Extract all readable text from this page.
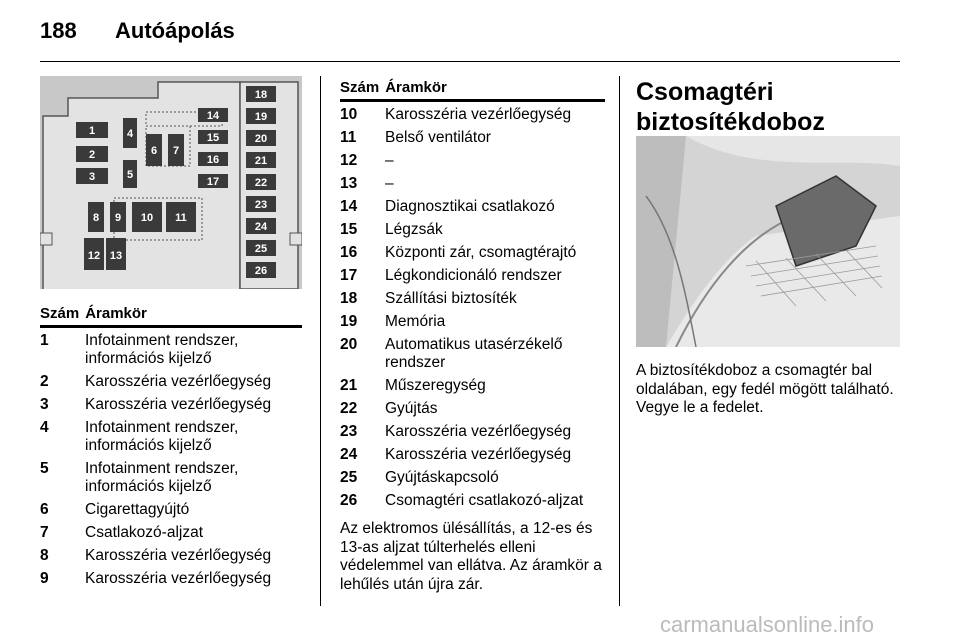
188 Autóápolás
1
2
3
4
5
6 7
8 9 10 11
12 13
14
15
16
17
18
19
20
21
22
23
24
25
26
Szám Áramkör
1 Infotainment rendszer, információs kijelző
2 Karosszéria vezérlőegység
3 Karosszéria vezérlőegység
4 Infotainment rendszer, információs kijelző
5 Infotainment rendszer, információs kijelző
6 Cigarettagyújtó
7 Csatlakozó-aljzat
8 Karosszéria vezérlőegység
9 Karosszéria vezérlőegység
Szám Áramkör
10 Karosszéria vezérlőegység
11 Belső ventilátor
12 –
13 –
14 Diagnosztikai csatlakozó
15 Légzsák
16 Központi zár, csomagtérajtó
17 Légkondicionáló rendszer
18 Szállítási biztosíték
19 Memória
20 Automatikus utasérzékelő rendszer
21 Műszeregység
22 Gyújtás
23 Karosszéria vezérlőegység
24 Karosszéria vezérlőegység
25 Gyújtáskapcsoló
26 Csomagtéri csatlakozó-aljzat
Az elektromos ülésállítás, a 12-es és 13-as aljzat túlterhelés elleni védelemmel van ellátva. Az áramkör a lehűlés után újra zár.
Csomagtéri
biztosítékdoboz
A biztosítékdoboz a csomagtér bal oldalában, egy fedél mögött található. Vegye le a fedelet.
carmanualsonline.info
